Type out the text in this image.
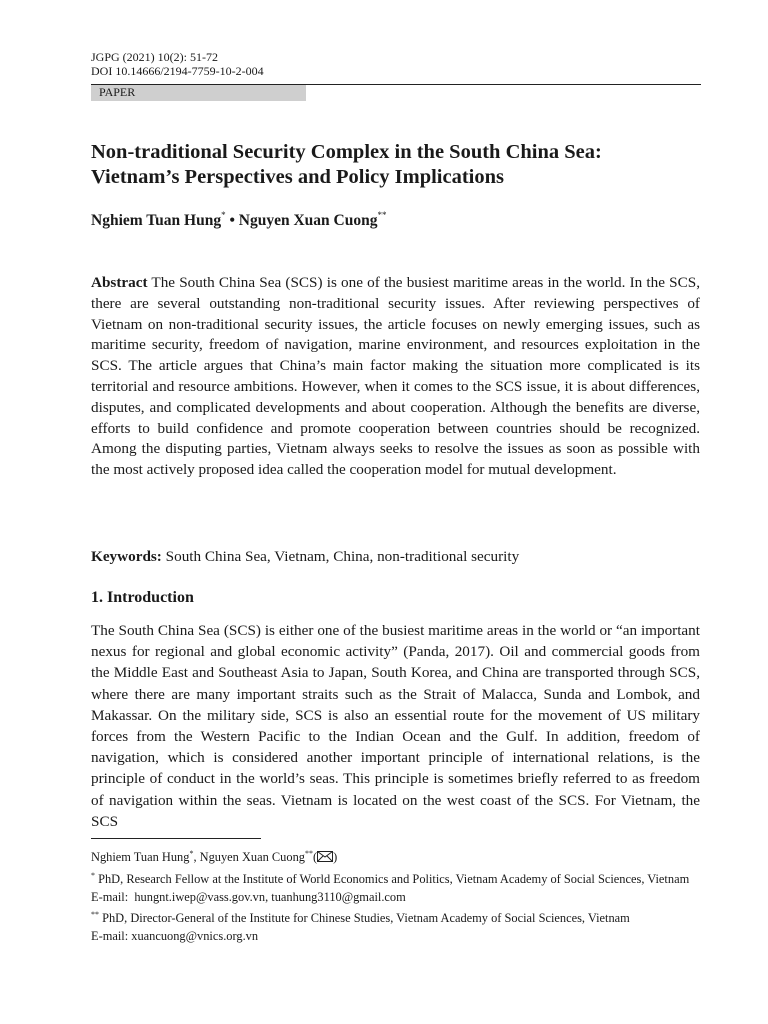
JGPG (2021) 10(2): 51-72
DOI 10.14666/2194-7759-10-2-004
PAPER
Non-traditional Security Complex in the South China Sea:
Vietnam’s Perspectives and Policy Implications
Nghiem Tuan Hung* • Nguyen Xuan Cuong**

Abstract The South China Sea (SCS) is one of the busiest maritime areas in the world. In the SCS, there are several outstanding non-traditional security issues. After reviewing perspectives of Vietnam on non-traditional security issues, the article focuses on newly emerging issues, such as maritime security, freedom of navigation, marine environment, and resources exploitation in the SCS. The article argues that China’s main factor making the situation more complicated is its territorial and resource ambitions. However, when it comes to the SCS issue, it is about differences, disputes, and complicated developments and about cooperation. Although the benefits are diverse, efforts to build confidence and promote cooperation between countries should be recognized. Among the disputing parties, Vietnam always seeks to resolve the issues as soon as possible with the most actively proposed idea called the cooperation model for mutual development.

Keywords: South China Sea, Vietnam, China, non-traditional security
1. Introduction

The South China Sea (SCS) is either one of the busiest maritime areas in the world or “an important nexus for regional and global economic activity” (Panda, 2017). Oil and commercial goods from the Middle East and Southeast Asia to Japan, South Korea, and China are transported through SCS, where there are many important straits such as the Strait of Malacca, Sunda and Lombok, and Makassar. On the military side, SCS is also an essential route for the movement of US military forces from the Western Pacific to the Indian Ocean and the Gulf. In addition, freedom of navigation, which is considered another important principle of international relations, is the principle of conduct in the world’s seas. This principle is sometimes briefly referred to as freedom of navigation within the seas. Vietnam is located on the west coast of the SCS. For Vietnam, the SCS

Nghiem Tuan Hung*, Nguyen Xuan Cuong**( )

* PhD, Research Fellow at the Institute of World Economics and Politics, Vietnam Academy of Social Sciences, Vietnam

E-mail:  hungnt.iwep@vass.gov.vn, tuanhung3110@gmail.com

** PhD, Director-General of the Institute for Chinese Studies, Vietnam Academy of Social Sciences, Vietnam

E-mail: xuancuong@vnics.org.vn
